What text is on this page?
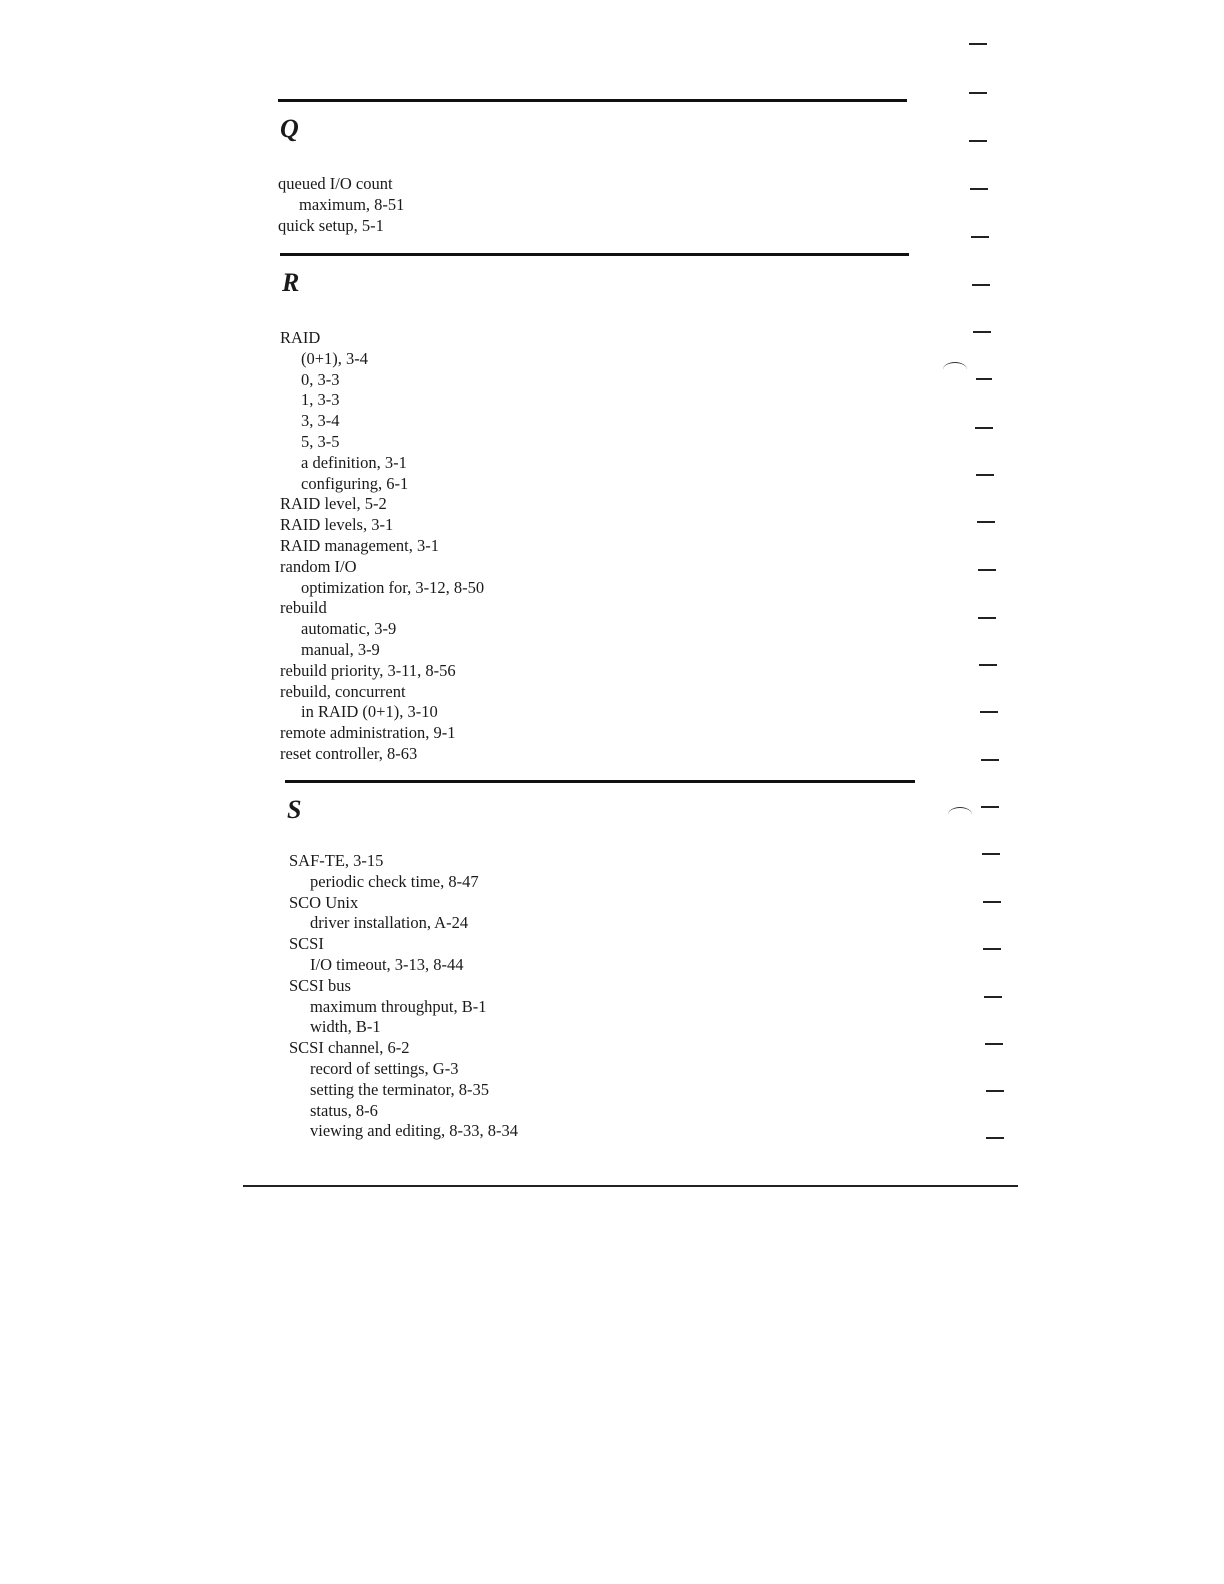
Q
queued I/O count
maximum, 8-51
quick setup, 5-1
R
RAID
(0+1), 3-4
0, 3-3
1, 3-3
3, 3-4
5, 3-5
a definition, 3-1
configuring, 6-1
RAID level, 5-2
RAID levels, 3-1
RAID management, 3-1
random I/O
optimization for, 3-12, 8-50
rebuild
automatic, 3-9
manual, 3-9
rebuild priority, 3-11, 8-56
rebuild, concurrent
in RAID (0+1), 3-10
remote administration, 9-1
reset controller, 8-63
S
SAF-TE, 3-15
periodic check time, 8-47
SCO Unix
driver installation, A-24
SCSI
I/O timeout, 3-13, 8-44
SCSI bus
maximum throughput, B-1
width, B-1
SCSI channel, 6-2
record of settings, G-3
setting the terminator, 8-35
status, 8-6
viewing and editing, 8-33, 8-34
